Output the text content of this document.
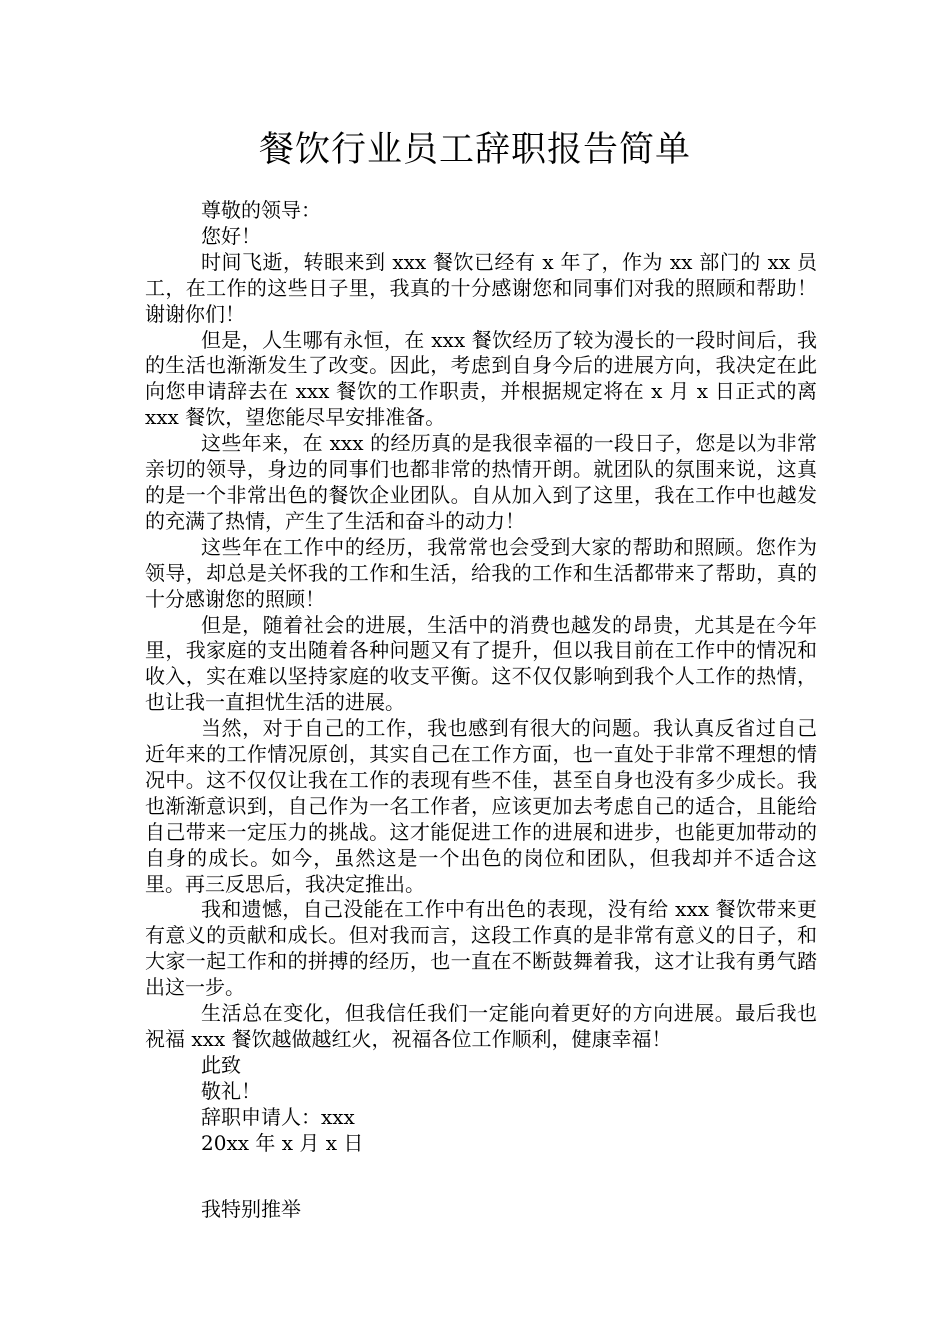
餐饮行业员工辞职报告简单

尊敬的领导：

您好！

时间飞逝，转眼来到 xxx 餐饮已经有 x 年了，作为 xx 部门的 xx 员工，在工作的这些日子里，我真的十分感谢您和同事们对我的照顾和帮助！谢谢你们！

但是，人生哪有永恒，在 xxx 餐饮经历了较为漫长的一段时间后，我的生活也渐渐发生了改变。因此，考虑到自身今后的进展方向，我决定在此向您申请辞去在 xxx 餐饮的工作职责，并根据规定将在 x 月 x 日正式的离 xxx 餐饮，望您能尽早安排准备。

这些年来，在 xxx 的经历真的是我很幸福的一段日子，您是以为非常亲切的领导，身边的同事们也都非常的热情开朗。就团队的氛围来说，这真的是一个非常出色的餐饮企业团队。自从加入到了这里，我在工作中也越发的充满了热情，产生了生活和奋斗的动力！

这些年在工作中的经历，我常常也会受到大家的帮助和照顾。您作为领导，却总是关怀我的工作和生活，给我的工作和生活都带来了帮助，真的十分感谢您的照顾！

但是，随着社会的进展，生活中的消费也越发的昂贵，尤其是在今年里，我家庭的支出随着各种问题又有了提升，但以我目前在工作中的情况和收入，实在难以坚持家庭的收支平衡。这不仅仅影响到我个人工作的热情，也让我一直担忧生活的进展。

当然，对于自己的工作，我也感到有很大的问题。我认真反省过自己近年来的工作情况原创，其实自己在工作方面，也一直处于非常不理想的情况中。这不仅仅让我在工作的表现有些不佳，甚至自身也没有多少成长。我也渐渐意识到，自己作为一名工作者，应该更加去考虑自己的适合，且能给自己带来一定压力的挑战。这才能促进工作的进展和进步，也能更加带动的自身的成长。如今，虽然这是一个出色的岗位和团队，但我却并不适合这里。再三反思后，我决定推出。

我和遗憾，自己没能在工作中有出色的表现，没有给 xxx 餐饮带来更有意义的贡献和成长。但对我而言，这段工作真的是非常有意义的日子，和大家一起工作和的拼搏的经历，也一直在不断鼓舞着我，这才让我有勇气踏出这一步。

生活总在变化，但我信任我们一定能向着更好的方向进展。最后我也祝福 xxx 餐饮越做越红火，祝福各位工作顺利，健康幸福！

此致

敬礼！

辞职申请人：xxx

20xx 年 x 月 x 日

我特别推举
